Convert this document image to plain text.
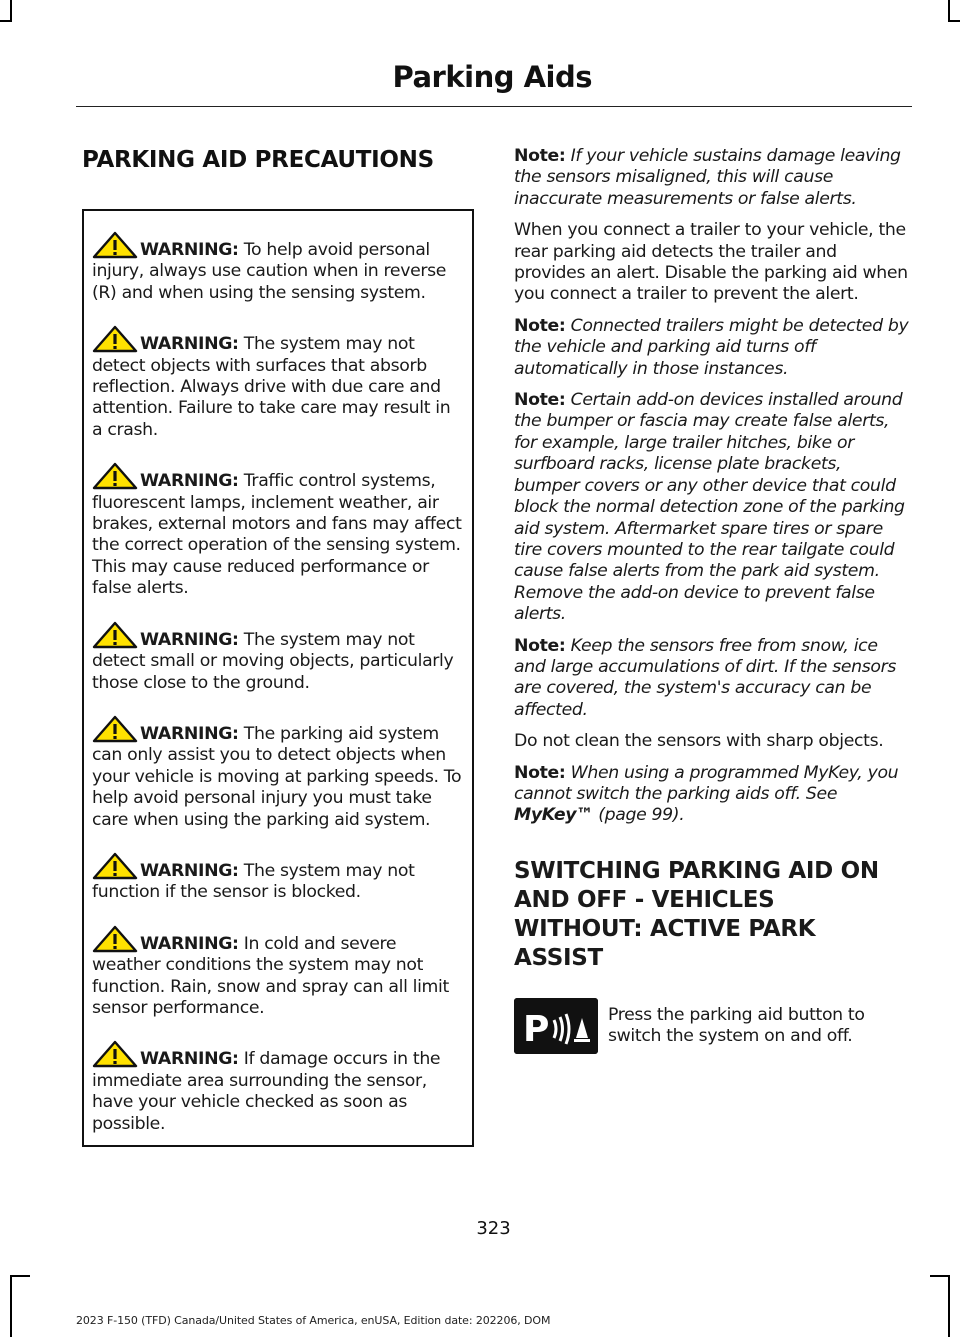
Parking Aids
PARKING AID PRECAUTIONS

WARNING: To help avoid personal injury, always use caution when in reverse (R) and when using the sensing system.

WARNING: The system may not detect objects with surfaces that absorb reflection. Always drive with due care and attention. Failure to take care may result in a crash.

WARNING: Traffic control systems, fluorescent lamps, inclement weather, air brakes, external motors and fans may affect the correct operation of the sensing system. This may cause reduced performance or false alerts.

WARNING: The system may not detect small or moving objects, particularly those close to the ground.

WARNING: The parking aid system can only assist you to detect objects when your vehicle is moving at parking speeds. To help avoid personal injury you must take care when using the parking aid system.

WARNING: The system may not function if the sensor is blocked.

WARNING: In cold and severe weather conditions the system may not function. Rain, snow and spray can all limit sensor performance.

WARNING: If damage occurs in the immediate area surrounding the sensor, have your vehicle checked as soon as possible.

Note: If your vehicle sustains damage leaving the sensors misaligned, this will cause inaccurate measurements or false alerts.

When you connect a trailer to your vehicle, the rear parking aid detects the trailer and provides an alert. Disable the parking aid when you connect a trailer to prevent the alert.

Note: Connected trailers might be detected by the vehicle and parking aid turns off automatically in those instances.

Note: Certain add-on devices installed around the bumper or fascia may create false alerts, for example, large trailer hitches, bike or surfboard racks, license plate brackets, bumper covers or any other device that could block the normal detection zone of the parking aid system. Aftermarket spare tires or spare tire covers mounted to the rear tailgate could cause false alerts from the park aid system. Remove the add-on device to prevent false alerts.

Note: Keep the sensors free from snow, ice and large accumulations of dirt. If the sensors are covered, the system's accuracy can be affected.

Do not clean the sensors with sharp objects.

Note: When using a programmed MyKey, you cannot switch the parking aids off. See MyKey™ (page 99).

SWITCHING PARKING AID ON
AND OFF - VEHICLES
WITHOUT: ACTIVE PARK
ASSIST
P	Press the parking aid button to switch the system on and off.

323
2023 F-150 (TFD) Canada/United States of America, enUSA, Edition date: 202206, DOM
